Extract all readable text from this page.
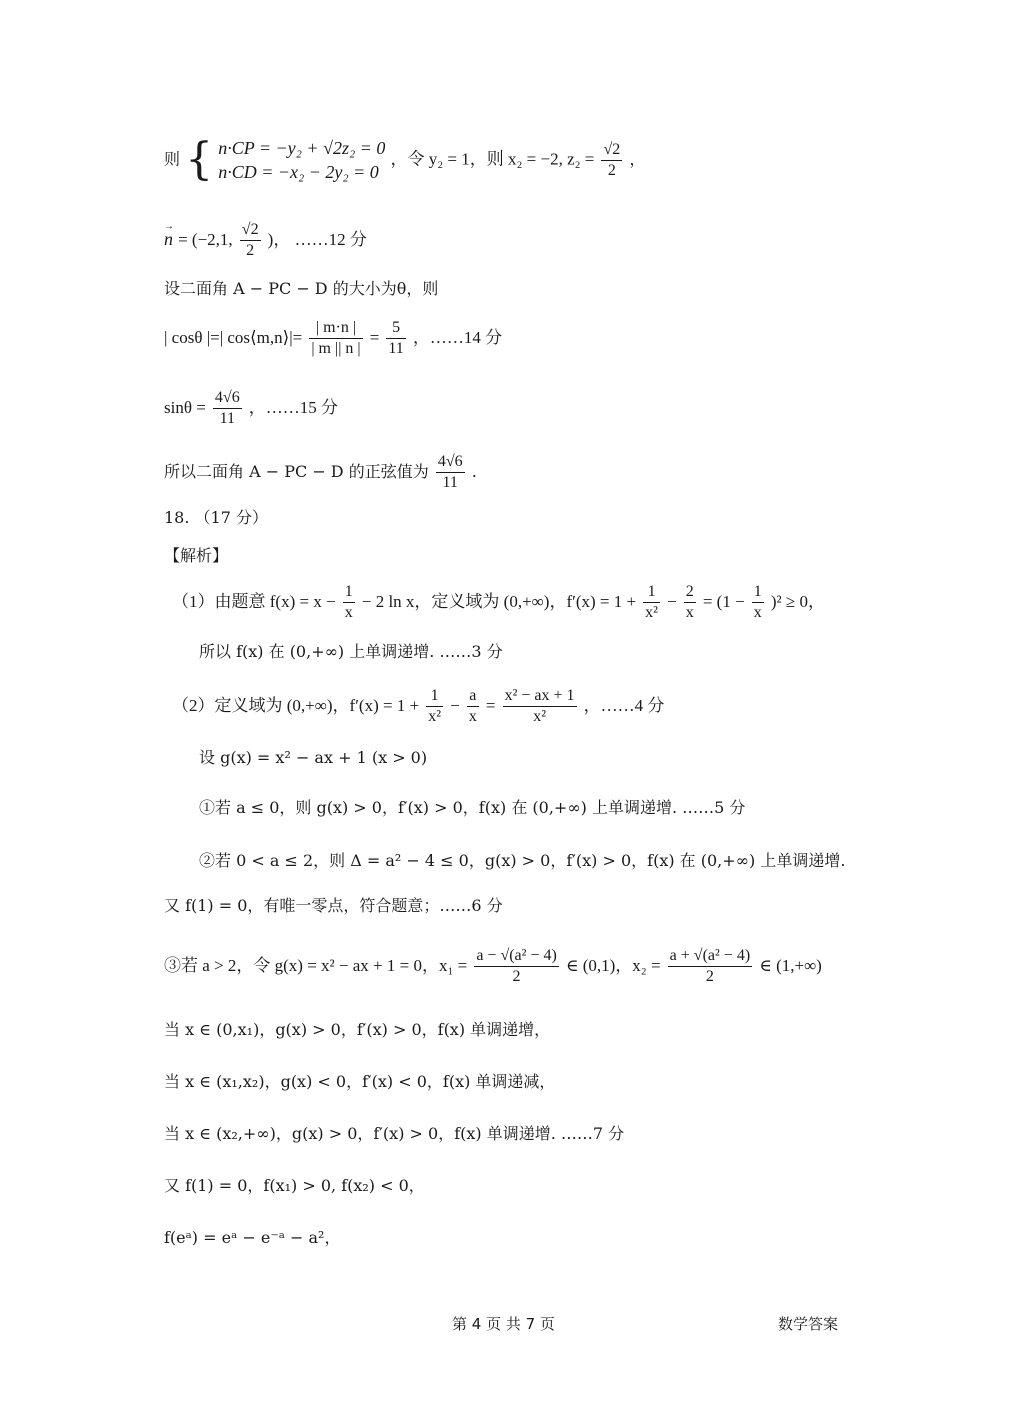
则 { n·CP = −y₂ + √2z₂ = 0
n·CD = −x₂ − 2y₂ = 0
，令 y₂ = 1，则 x₂ = −2, $z_2 = \frac{√2}{2}$ ，
→ n = (−2,1, $\frac{√2}{2}$ )， ……12 分
设二面角 A − PC − D 的大小为θ，则
| cosθ |=| cos⟨m,n⟩|= $\frac{| m\cdot n |}{| m || n |} = \frac{5}{11}$ ，……14 分
$\sin\theta = \frac{4√6}{11}$ ，……15 分
所以二面角 A − PC − D 的正弦值为 $\frac{4√6}{11}$ .
18. （17 分）
【解析】
（1）由题意 $f(x) = x - \frac{1}{x} - 2$ ln x，定义域为 (0,+∞)，$f'(x) = 1 + \frac{1}{\text{x²}} - \frac{2}{x} = (1 - \frac{1}{x} )^2 \ge 0$，
所以 f(x) 在 (0,+∞) 上单调递增. ……3 分
（2）定义域为 (0,+∞)，$f'(x) = 1 + \frac{1}{\text{x²}} - \frac{a}{x} = \frac{\text{x² − ax + 1}}{\text{x²}}$ ，……4 分
设 g(x) = x² − ax + 1 (x > 0)
①若 a ≤ 0，则 g(x) > 0，f′(x) > 0，f(x) 在 (0,+∞) 上单调递增. ……5 分
②若 0 < a ≤ 2，则 Δ = a² − 4 ≤ 0，g(x) > 0，f′(x) > 0，f(x) 在 (0,+∞) 上单调递增.
又 f(1) = 0，有唯一零点，符合题意；……6 分
③若 a > 2，令 g(x) = x² − ax + 1 = 0，$x_1 = \frac{\text{a − √(a² − 4)}}{2}$ ∈ (0,1)，$x_2 = \frac{\text{a + √(a² − 4)}}{2}$ ∈ (1,+∞)
当 x ∈ (0,x₁)，g(x) > 0，f′(x) > 0，f(x) 单调递增，
当 x ∈ (x₁,x₂)，g(x) < 0，f′(x) < 0，f(x) 单调递减，
当 x ∈ (x₂,+∞)，g(x) > 0，f′(x) > 0，f(x) 单调递增. ……7 分
又 f(1) = 0，f(x₁) > 0, f(x₂) < 0，
f(eᵃ) = eᵃ − e⁻ᵃ − a²，
第 4 页 共 7 页	数学答案
